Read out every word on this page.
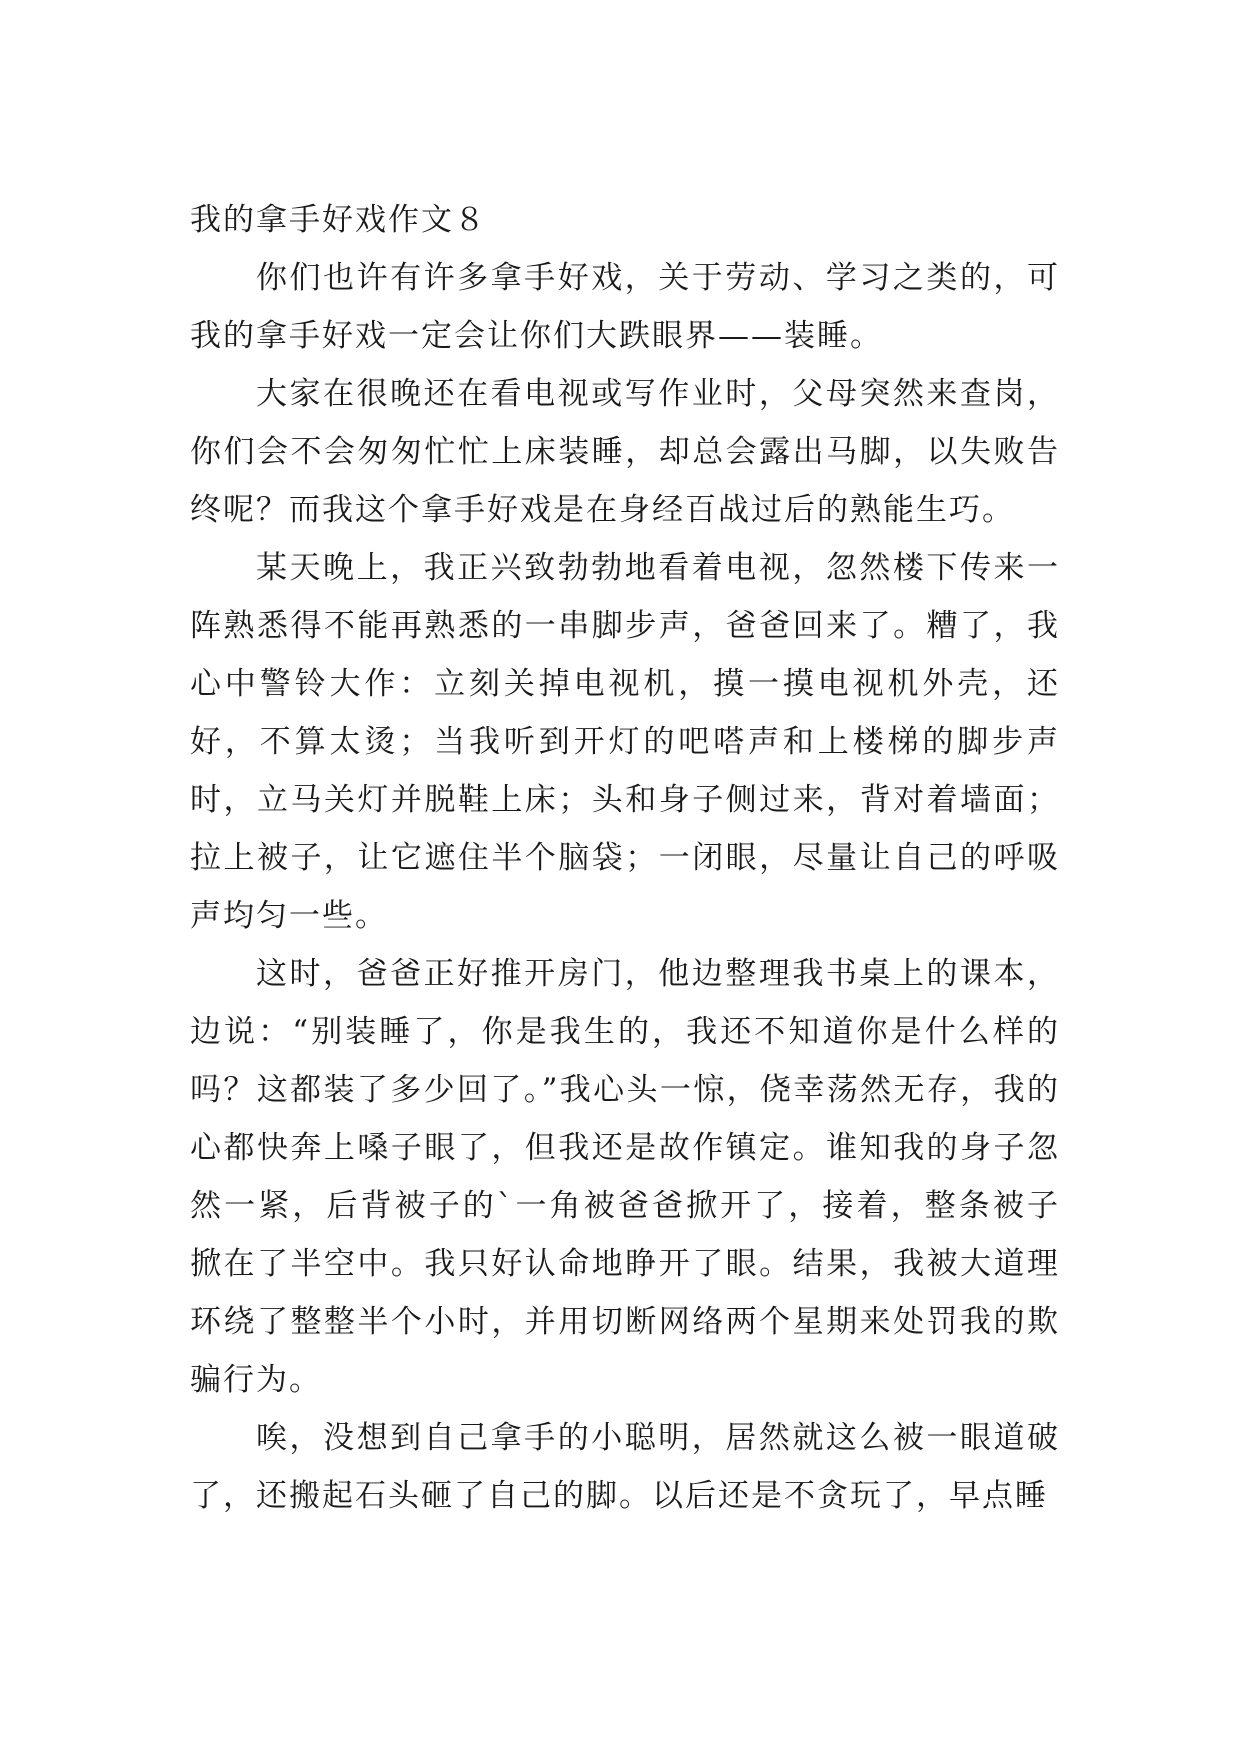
我的拿手好戏作文８

你们也许有许多拿手好戏，关于劳动、学习之类的，可我的拿手好戏一定会让你们大跌眼界——装睡。

大家在很晚还在看电视或写作业时，父母突然来查岗，你们会不会匆匆忙忙上床装睡，却总会露出马脚，以失败告终呢？而我这个拿手好戏是在身经百战过后的熟能生巧。

某天晚上，我正兴致勃勃地看着电视，忽然楼下传来一阵熟悉得不能再熟悉的一串脚步声，爸爸回来了。糟了，我心中警铃大作：立刻关掉电视机，摸一摸电视机外壳，还好，不算太烫；当我听到开灯的吧嗒声和上楼梯的脚步声时，立马关灯并脱鞋上床；头和身子侧过来，背对着墙面；拉上被子，让它遮住半个脑袋；一闭眼，尽量让自己的呼吸声均匀一些。

这时，爸爸正好推开房门，他边整理我书桌上的课本，边说：“别装睡了，你是我生的，我还不知道你是什么样的吗？这都装了多少回了。”我心头一惊，侥幸荡然无存，我的心都快奔上嗓子眼了，但我还是故作镇定。谁知我的身子忽然一紧，后背被子的`一角被爸爸掀开了，接着，整条被子掀在了半空中。我只好认命地睁开了眼。结果，我被大道理环绕了整整半个小时，并用切断网络两个星期来处罚我的欺骗行为。

唉，没想到自己拿手的小聪明，居然就这么被一眼道破了，还搬起石头砸了自己的脚。以后还是不贪玩了，早点睡
